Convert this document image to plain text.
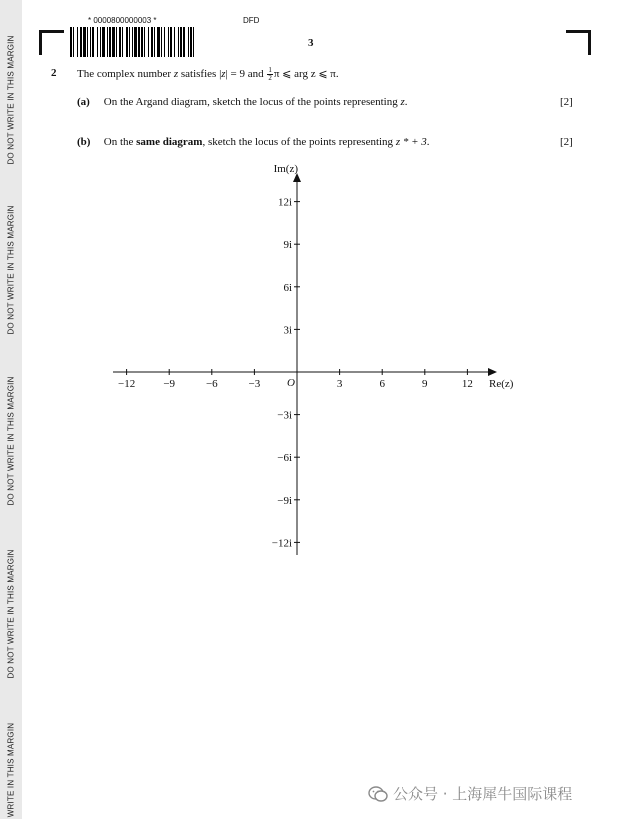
DO NOT WRITE IN THIS MARGIN
DO NOT WRITE IN THIS MARGIN
DO NOT WRITE IN THIS MARGIN
DO NOT WRITE IN THIS MARGIN
WRITE IN THIS MARGIN
* 0000800000003 *	DFD
3
2 The complex number z satisfies |z| = 9 and $\frac{1}{2}$ π ⩽ arg z ⩽ π.
(a) On the Argand diagram, sketch the locus of the points representing z.	[2]
(b) On the same diagram, sketch the locus of the points representing z * + 3.	[2]
−12	−9	−6	−3	3	6	9	12
12i
9i
6i
3i
−3i
−6i
−9i
−12i
O
Im(z)
Re(z)
公众号 · 上海犀牛国际课程
